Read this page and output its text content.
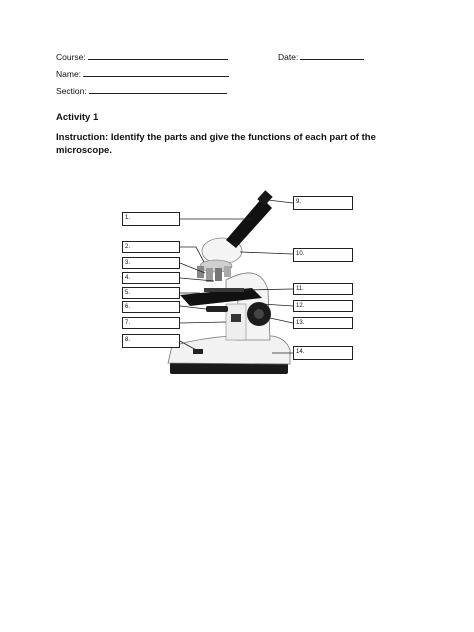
Course:	Date:
Name:
Section:
Activity 1
Instruction: Identify the parts and give the functions of each part of the microscope.
1.
2.
3.
4.
5.
6.
7.
8.
9.
10.
11.
12.
13.
14.
